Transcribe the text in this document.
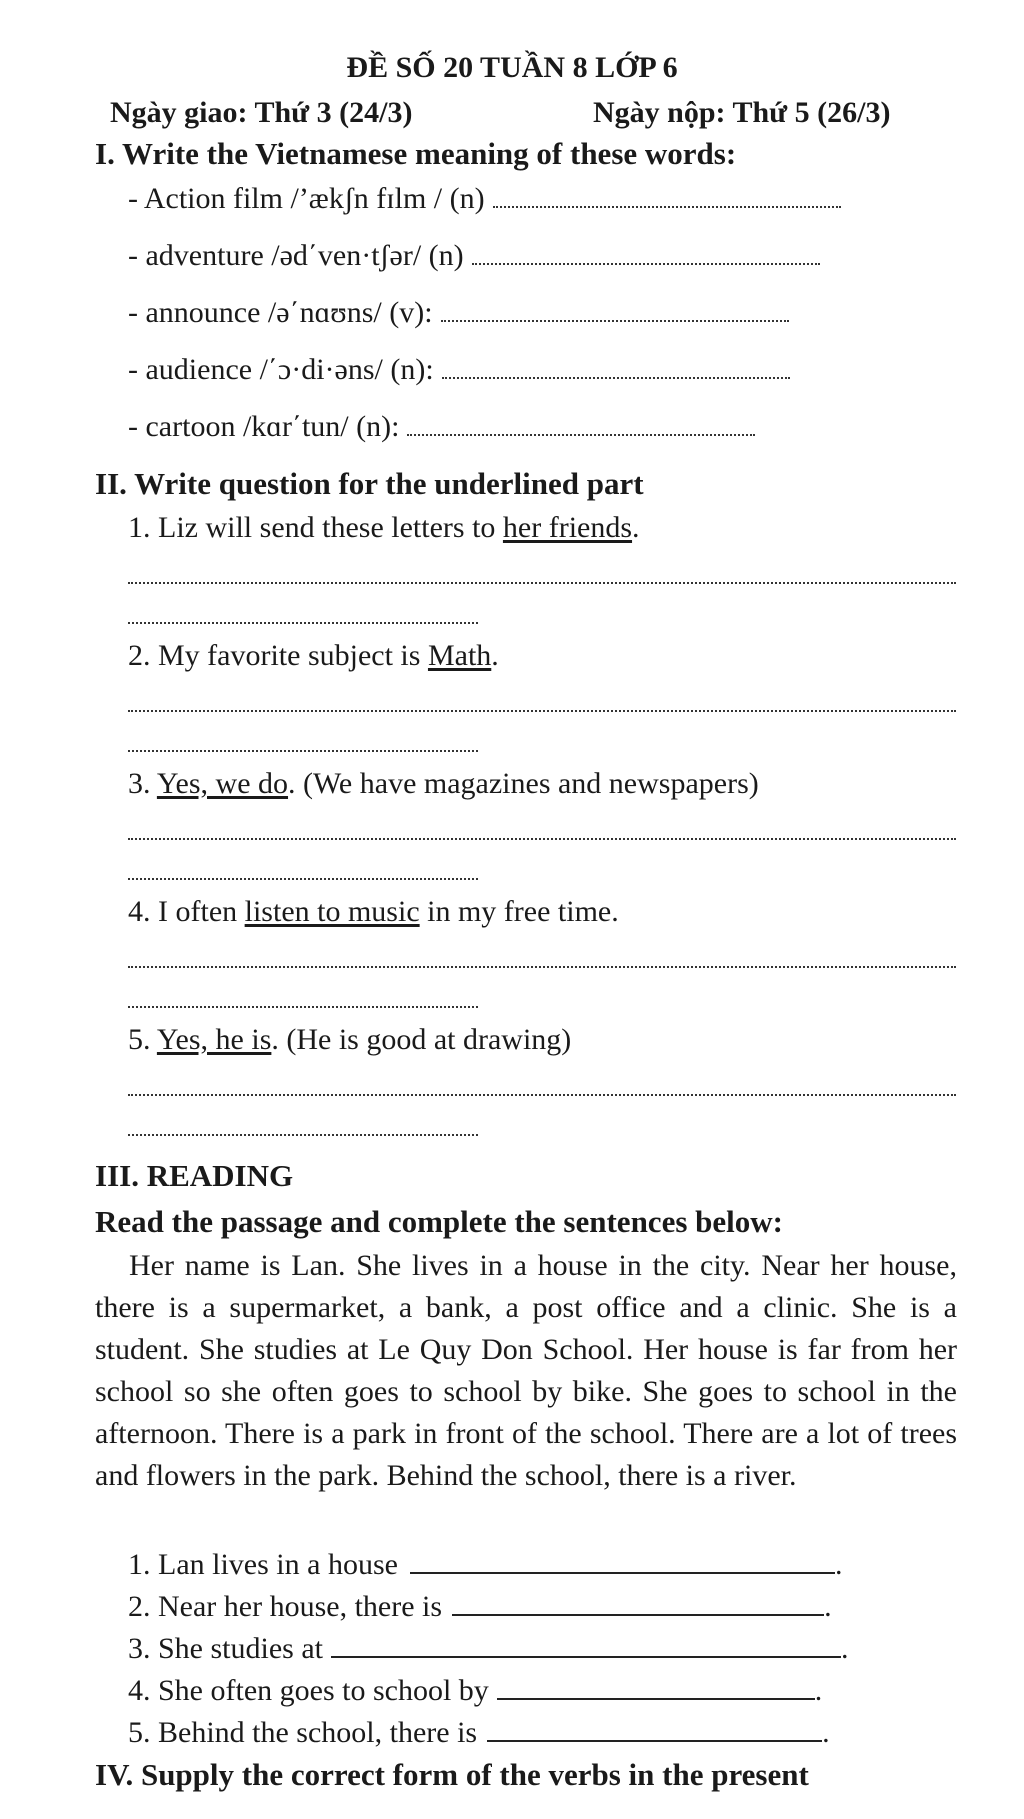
ĐỀ SỐ 20 TUẦN 8 LỚP 6
Ngày giao: Thứ 3 (24/3)	Ngày nộp: Thứ 5 (26/3)
I. Write the Vietnamese meaning of these words:
- Action film /’ækʃn fɪlm / (n)
- adventure /əd΄ven·tʃər/ (n)
- announce /ə΄nɑʊns/ (v):
- audience /΄ɔ·di·əns/ (n):
- cartoon /kɑr΄tun/ (n):
II. Write question for the underlined part
1. Liz will send these letters to her friends.
2. My favorite subject is Math.
3. Yes, we do. (We have magazines and newspapers)
4. I often listen to music in my free time.
5. Yes, he is. (He is good at drawing)
III. READING
Read the passage and complete the sentences below:
Her name is Lan. She lives in a house in the city. Near her house, there is a supermarket, a bank, a post office and a clinic. She is a student. She studies at Le Quy Don School. Her house is far from her school so she often goes to school by bike. She goes to school in the afternoon. There is a park in front of the school. There are a lot of trees and flowers in the park. Behind the school, there is a river.
1. Lan lives in a house	.
2. Near her house, there is	.
3. She studies at	.
4. She often goes to school by	.
5. Behind the school, there is	.
IV. Supply the correct form of the verbs in the present
